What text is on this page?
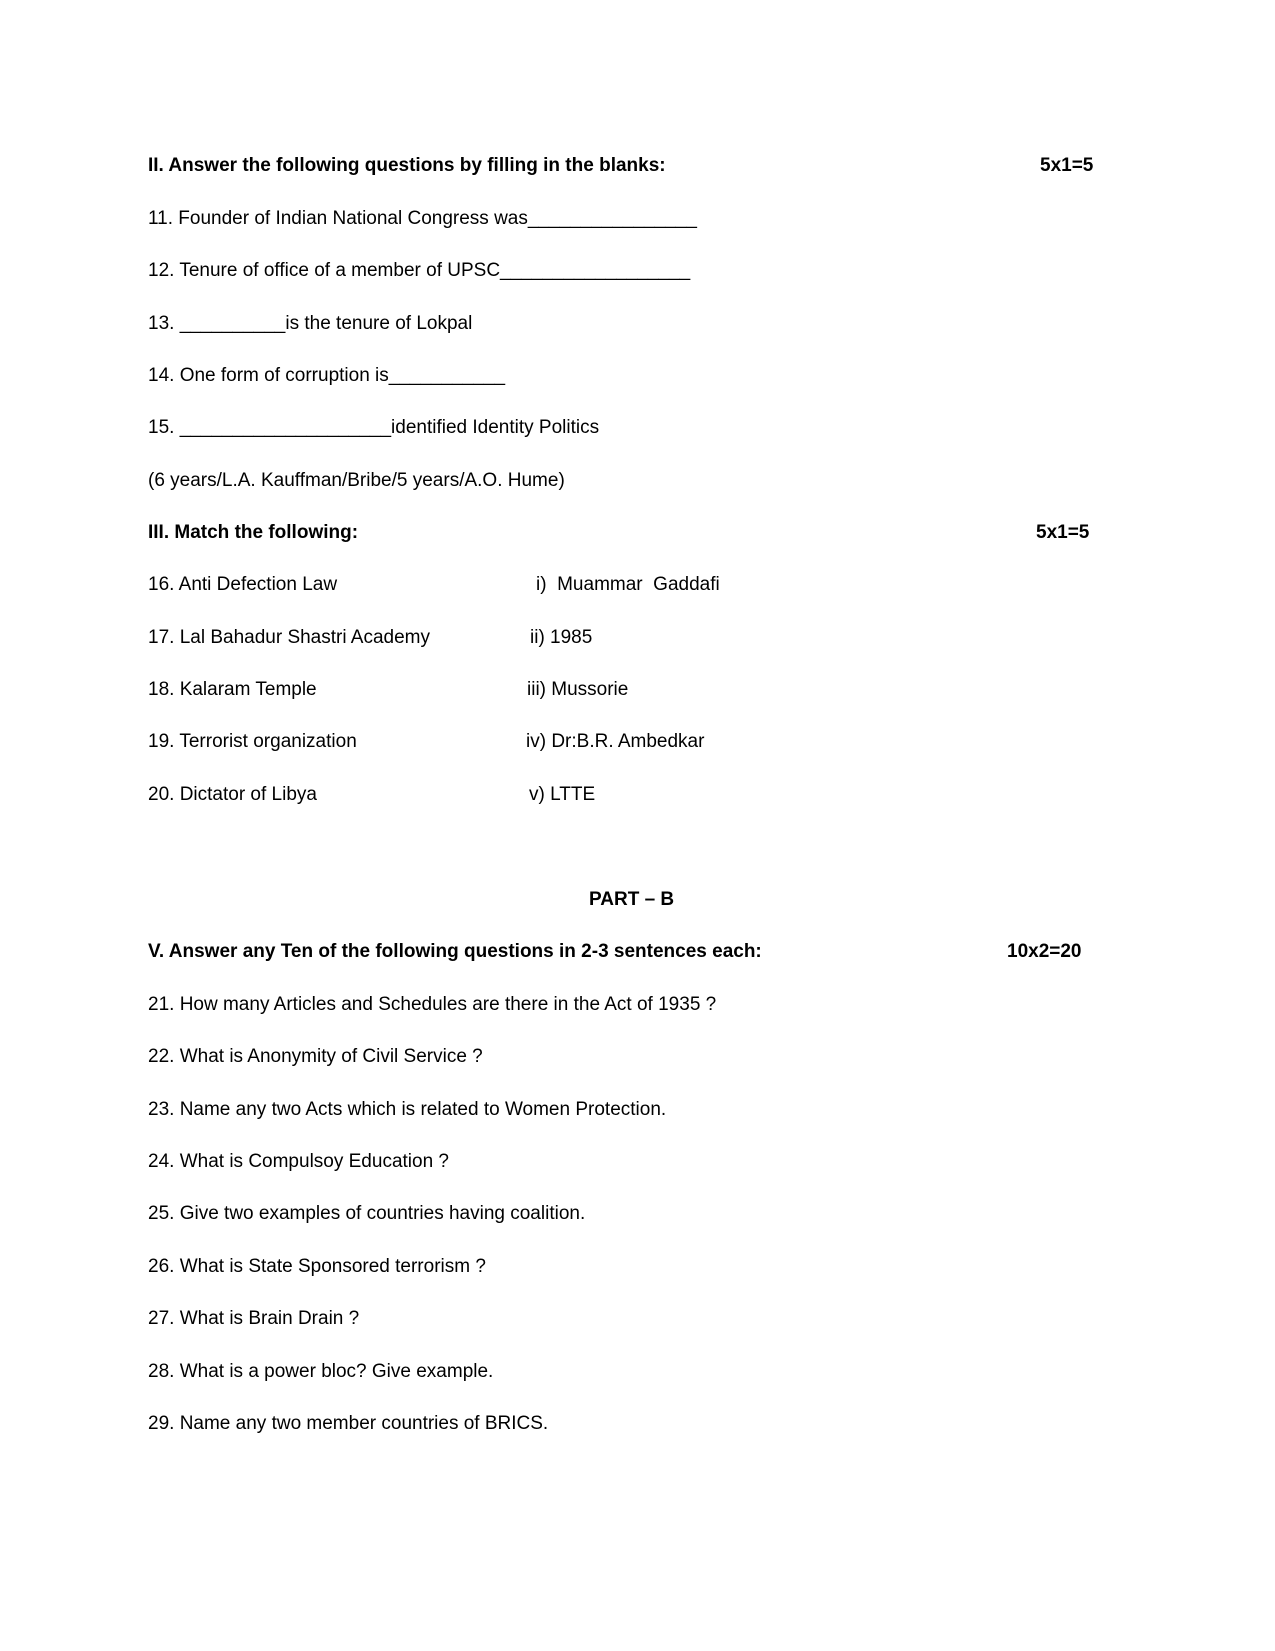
II. Answer the following questions by filling in the blanks:	5x1=5
11. Founder of Indian National Congress was________________
12. Tenure of office of a member of UPSC__________________
13. __________is the tenure of Lokpal
14. One form of corruption is___________
15. ____________________identified Identity Politics
(6 years/L.A. Kauffman/Bribe/5 years/A.O. Hume)
III. Match the following:	5x1=5
16. Anti Defection Law	i)  Muammar  Gaddafi
17. Lal Bahadur Shastri Academy	ii) 1985
18. Kalaram Temple	iii) Mussorie
19. Terrorist organization	iv) Dr:B.R. Ambedkar
20. Dictator of Libya	v) LTTE
PART – B
V. Answer any Ten of the following questions in 2-3 sentences each:	10x2=20
21. How many Articles and Schedules are there in the Act of 1935 ?
22. What is Anonymity of Civil Service ?
23. Name any two Acts which is related to Women Protection.
24. What is Compulsoy Education ?
25. Give two examples of countries having coalition.
26. What is State Sponsored terrorism ?
27. What is Brain Drain ?
28. What is a power bloc? Give example.
29. Name any two member countries of BRICS.
